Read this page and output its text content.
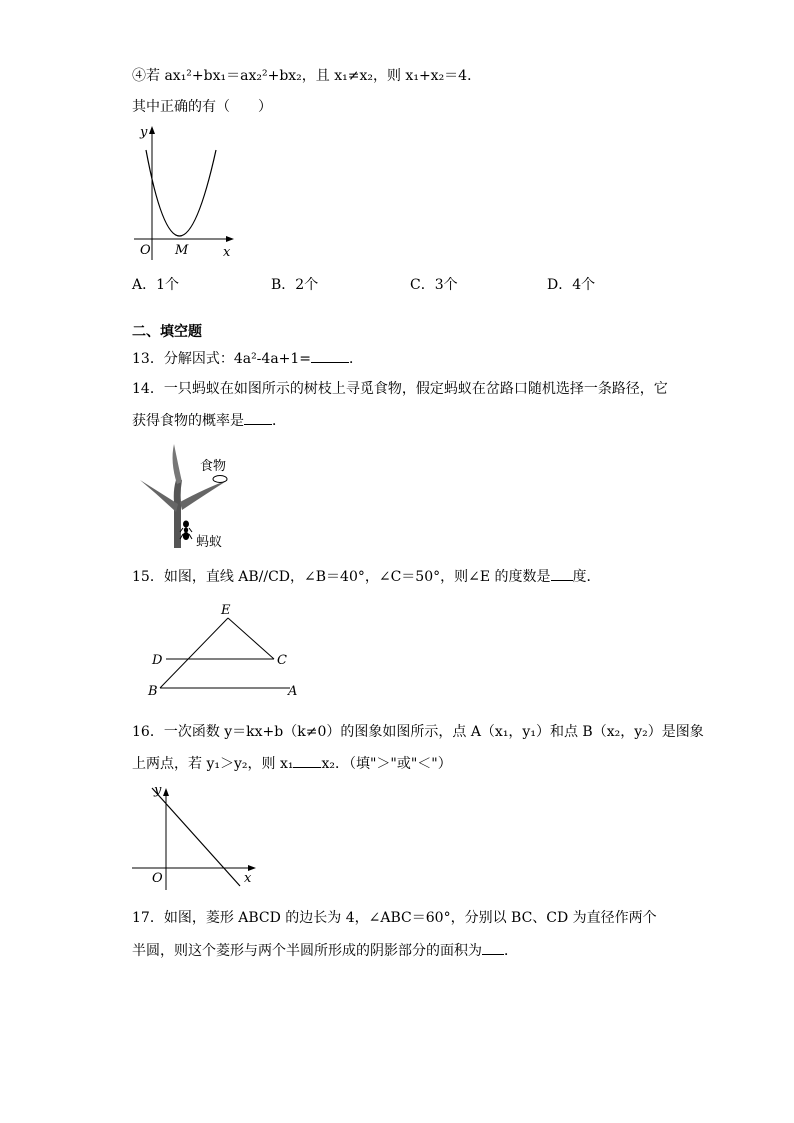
④若 ax₁²+bx₁＝ax₂²+bx₂，且 x₁≠x₂，则 x₁+x₂＝4．
其中正确的有（　　）
y
O M	x
A．1个	B．2个	C．3个	D．4个
二、填空题
13．分解因式：4a²-4a+1=	．
14．一只蚂蚁在如图所示的树枝上寻觅食物，假定蚂蚁在岔路口随机选择一条路径，它
获得食物的概率是 ．
食物
蚂蚁
15．如图，直线 AB//CD，∠B＝40°，∠C＝50°，则∠E 的度数是 度．
E
D	C
B	A
16．一次函数 y＝kx+b（k≠0）的图象如图所示，点 A（x₁，y₁）和点 B（x₂，y₂）是图象
上两点，若 y₁＞y₂，则 x₁ x₂．（填"＞"或"＜"）
y
O	x
17．如图，菱形 ABCD 的边长为 4，∠ABC＝60°，分别以 BC、CD 为直径作两个
半圆，则这个菱形与两个半圆所形成的阴影部分的面积为 ．
